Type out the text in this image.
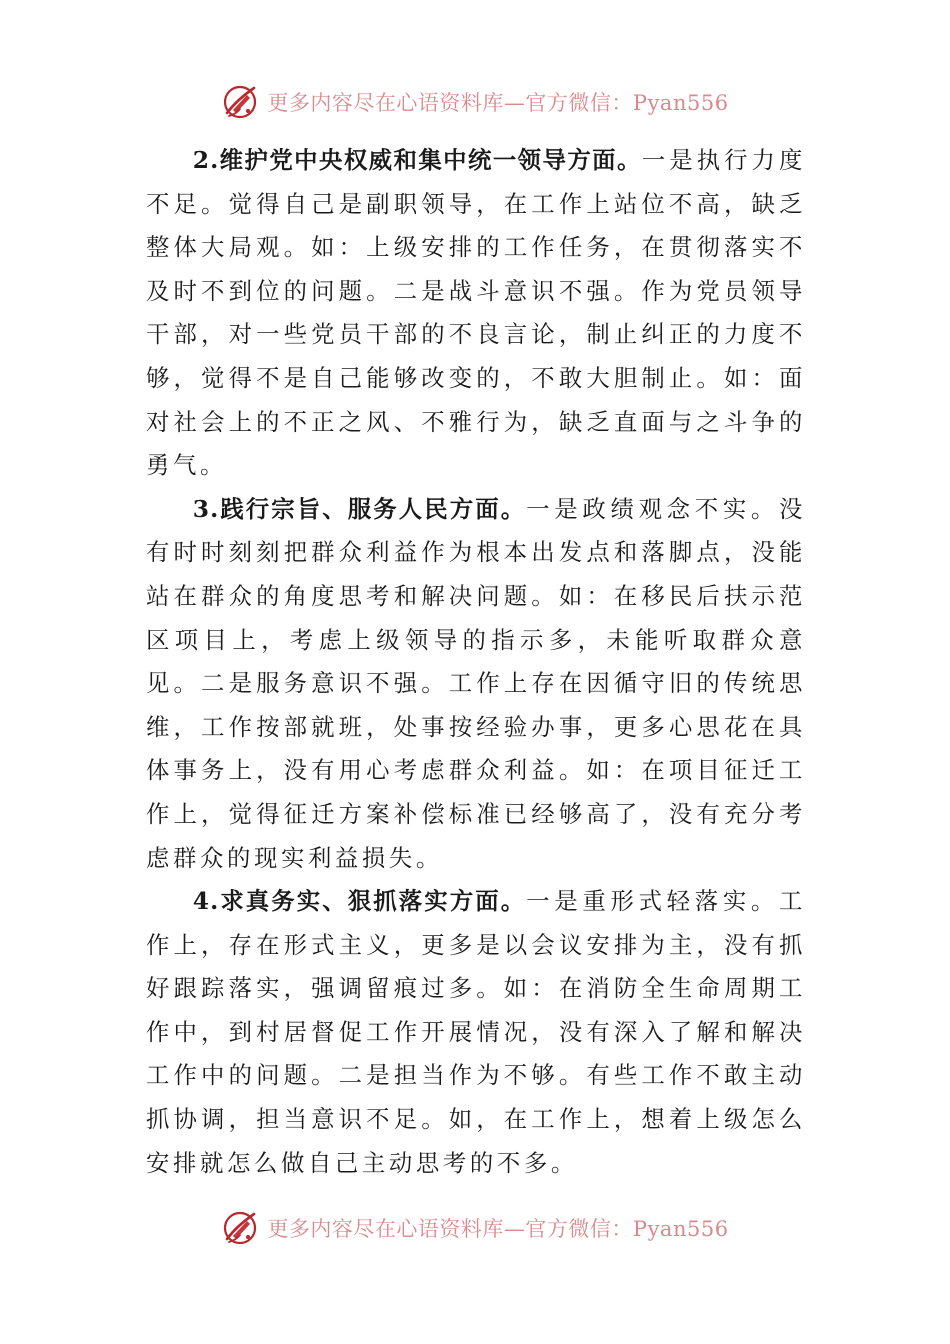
更多内容尽在心语资料库—官方微信：Pyan556

2.维护党中央权威和集中统一领导方面。一是执行力度不足。觉得自己是副职领导，在工作上站位不高，缺乏整体大局观。如：上级安排的工作任务，在贯彻落实不及时不到位的问题。二是战斗意识不强。作为党员领导干部，对一些党员干部的不良言论，制止纠正的力度不够，觉得不是自己能够改变的，不敢大胆制止。如：面对社会上的不正之风、不雅行为，缺乏直面与之斗争的勇气。

3.践行宗旨、服务人民方面。一是政绩观念不实。没有时时刻刻把群众利益作为根本出发点和落脚点，没能站在群众的角度思考和解决问题。如：在移民后扶示范区项目上，考虑上级领导的指示多，未能听取群众意见。二是服务意识不强。工作上存在因循守旧的传统思维，工作按部就班，处事按经验办事，更多心思花在具体事务上，没有用心考虑群众利益。如：在项目征迁工作上，觉得征迁方案补偿标准已经够高了，没有充分考虑群众的现实利益损失。

4.求真务实、狠抓落实方面。一是重形式轻落实。工作上，存在形式主义，更多是以会议安排为主，没有抓好跟踪落实，强调留痕过多。如：在消防全生命周期工作中，到村居督促工作开展情况，没有深入了解和解决工作中的问题。二是担当作为不够。有些工作不敢主动抓协调，担当意识不足。如，在工作上，想着上级怎么安排就怎么做自己主动思考的不多。

更多内容尽在心语资料库—官方微信：Pyan556
